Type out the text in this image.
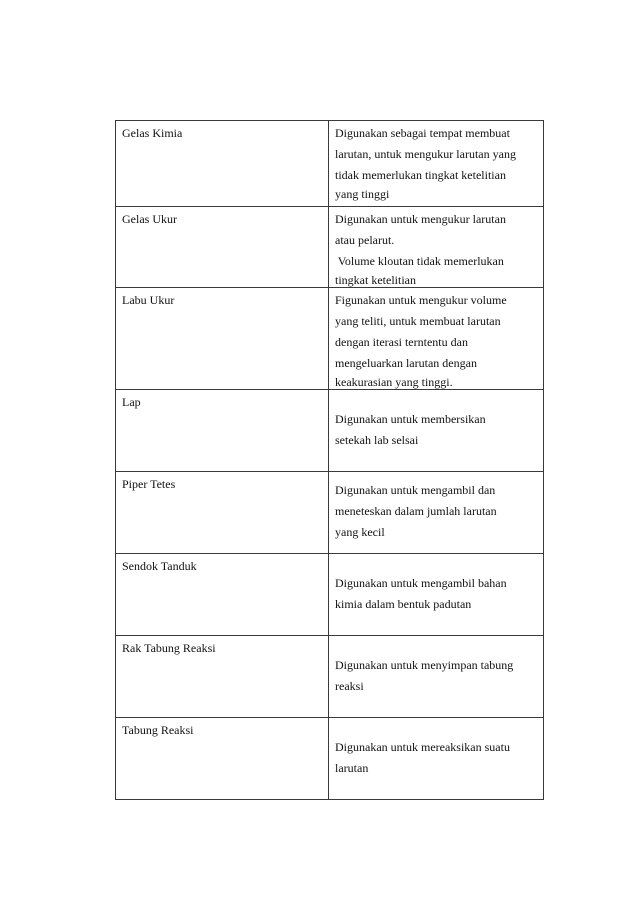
Gelas Kimia	Digunakan sebagai tempat membuat
larutan, untuk mengukur larutan yang
tidak memerlukan tingkat ketelitian
yang tinggi

Gelas Ukur	Digunakan untuk mengukur larutan
atau pelarut.
Volume kloutan tidak memerlukan
tingkat ketelitian

Labu Ukur	Figunakan untuk mengukur volume
yang teliti, untuk membuat larutan
dengan iterasi terntentu dan
mengeluarkan larutan dengan
keakurasian yang tinggi.

Lap	Digunakan untuk membersikan
setekah lab selsai

Piper Tetes	Digunakan untuk mengambil dan
meneteskan dalam jumlah larutan
yang kecil

Sendok Tanduk	Digunakan untuk mengambil bahan
kimia dalam bentuk padutan

Rak Tabung Reaksi	Digunakan untuk menyimpan tabung
reaksi

Tabung Reaksi	Digunakan untuk mereaksikan suatu
larutan
